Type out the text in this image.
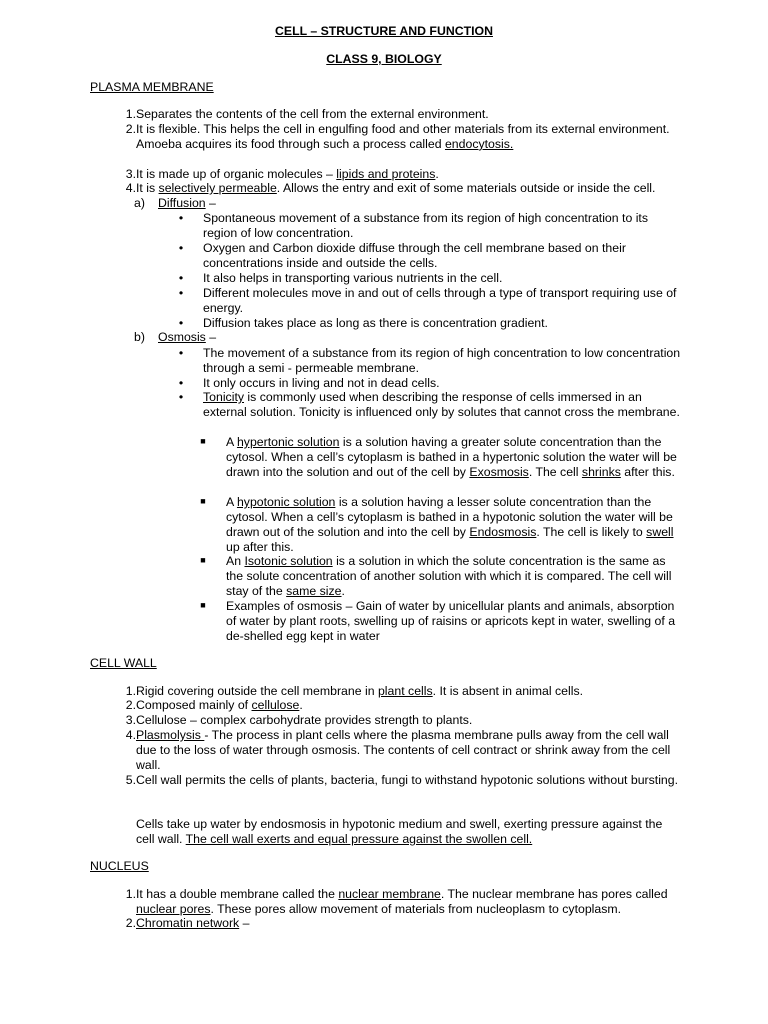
CELL – STRUCTURE AND FUNCTION
CLASS 9, BIOLOGY
PLASMA MEMBRANE
1. Separates the contents of the cell from the external environment.
2. It is flexible. This helps the cell in engulfing food and other materials from its external environment.
Amoeba acquires its food through such a process called endocytosis.
3. It is made up of organic molecules – lipids and proteins.
4. It is selectively permeable. Allows the entry and exit of some materials outside or inside the cell.
a)	Diffusion –
• Spontaneous movement of a substance from its region of high concentration to its region of low concentration.
• Oxygen and Carbon dioxide diffuse through the cell membrane based on their concentrations inside and outside the cells.
• It also helps in transporting various nutrients in the cell.
• Different molecules move in and out of cells through a type of transport requiring use of energy.
• Diffusion takes place as long as there is concentration gradient.
b)	Osmosis –
• The movement of a substance from its region of high concentration to low concentration through a semi - permeable membrane.
• It only occurs in living and not in dead cells.
• Tonicity is commonly used when describing the response of cells immersed in an external solution. Tonicity is influenced only by solutes that cannot cross the membrane.
■ A hypertonic solution is a solution having a greater solute concentration than the cytosol. When a cell’s cytoplasm is bathed in a hypertonic solution the water will be drawn into the solution and out of the cell by Exosmosis. The cell shrinks after this.
■ A hypotonic solution is a solution having a lesser solute concentration than the cytosol. When a cell’s cytoplasm is bathed in a hypotonic solution the water will be drawn out of the solution and into the cell by Endosmosis. The cell is likely to swell up after this.
■ An Isotonic solution is a solution in which the solute concentration is the same as the solute concentration of another solution with which it is compared. The cell will stay of the same size.
■ Examples of osmosis – Gain of water by unicellular plants and animals, absorption of water by plant roots, swelling up of raisins or apricots kept in water, swelling of a de-shelled egg kept in water
CELL WALL
1. Rigid covering outside the cell membrane in plant cells. It is absent in animal cells.
2. Composed mainly of cellulose.
3. Cellulose – complex carbohydrate provides strength to plants.
4. Plasmolysis - The process in plant cells where the plasma membrane pulls away from the cell wall due to the loss of water through osmosis. The contents of cell contract or shrink away from the cell wall.
5. Cell wall permits the cells of plants, bacteria, fungi to withstand hypotonic solutions without bursting.
Cells take up water by endosmosis in hypotonic medium and swell, exerting pressure against the cell wall. The cell wall exerts and equal pressure against the swollen cell.
NUCLEUS
1. It has a double membrane called the nuclear membrane. The nuclear membrane has pores called nuclear pores. These pores allow movement of materials from nucleoplasm to cytoplasm.
2. Chromatin network –
